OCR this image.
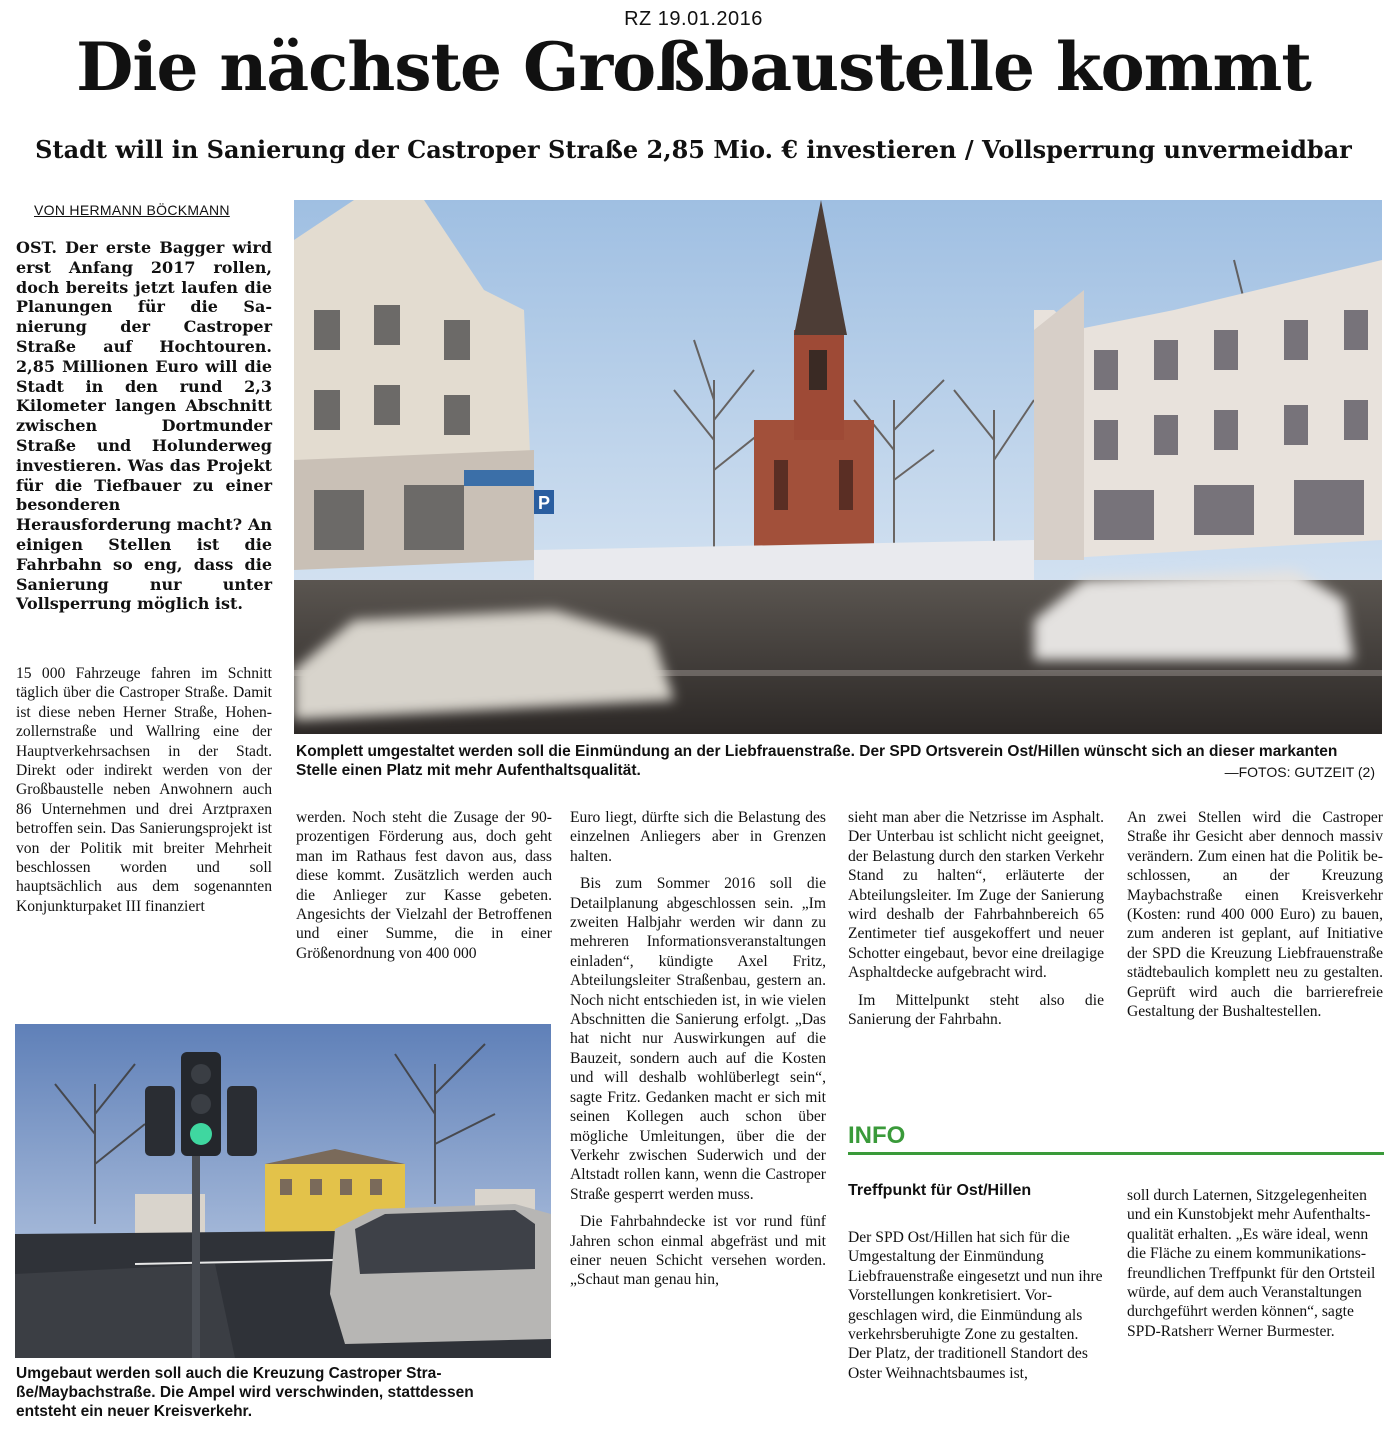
RZ 19.01.2016
Die nächste Großbaustelle kommt
Stadt will in Sanierung der Castroper Straße 2,85 Mio. € investieren / Vollsperrung unvermeidbar
VON HERMANN BÖCKMANN
OST. Der erste Bagger wird erst Anfang 2017 rollen, doch bereits jetzt laufen die Planungen für die Sanierung der Castroper Straße auf Hochtouren. 2,85 Millionen Euro will die Stadt in den rund 2,3 Kilometer langen Abschnitt zwischen Dortmunder Straße und Holunderweg investieren. Was das Projekt für die Tiefbauer zu einer besonderen Herausforderung macht? An einigen Stellen ist die Fahrbahn so eng, dass die Sanierung nur unter Vollsperrung möglich ist.

15 000 Fahrzeuge fahren im Schnitt täglich über die Castroper Straße. Damit ist diese neben Herner Straße, Hohenzollernstraße und Wallring eine der Hauptverkehrsachsen in der Stadt. Direkt oder indirekt werden von der Großbaustelle neben Anwohnern auch 86 Unternehmen und drei Arztpraxen betroffen sein. Das Sanierungsprojekt ist von der Politik mit breiter Mehrheit beschlossen worden und soll hauptsächlich aus dem sogenannten Konjunkturpaket III finanziert

P
Komplett umgestaltet werden soll die Einmündung an der Liebfrauenstraße. Der SPD Ortsverein Ost/Hillen wünscht sich an dieser markanten Stelle einen Platz mit mehr Aufenthaltsqualität.	—FOTOS: GUTZEIT (2)

werden. Noch steht die Zusage der 90-prozentigen Förderung aus, doch geht man im Rathaus fest davon aus, dass diese kommt. Zusätzlich werden auch die Anlieger zur Kasse gebeten. Angesichts der Vielzahl der Betroffenen und einer Summe, die in einer Größenordnung von 400 000

Euro liegt, dürfte sich die Belastung des einzelnen Anliegers aber in Grenzen halten.

Bis zum Sommer 2016 soll die Detailplanung abgeschlossen sein. „Im zweiten Halbjahr werden wir dann zu mehreren Informationsveranstaltungen einladen“, kündigte Axel Fritz, Abteilungsleiter Straßenbau, gestern an. Noch nicht entschieden ist, in wie vielen Abschnitten die Sanierung erfolgt. „Das hat nicht nur Auswirkungen auf die Bauzeit, sondern auch auf die Kosten und will deshalb wohlüberlegt sein“, sagte Fritz. Gedanken macht er sich mit seinen Kollegen auch schon über mögliche Umleitungen, über die der Verkehr zwischen Suderwich und der Altstadt rollen kann, wenn die Castroper Straße gesperrt werden muss.

Die Fahrbahndecke ist vor rund fünf Jahren schon einmal abgefräst und mit einer neuen Schicht versehen worden. „Schaut man genau hin,

sieht man aber die Netzrisse im Asphalt. Der Unterbau ist schlicht nicht geeignet, der Belastung durch den starken Verkehr Stand zu halten“, erläuterte der Abteilungsleiter. Im Zuge der Sanierung wird deshalb der Fahrbahnbereich 65 Zentimeter tief ausgekoffert und neuer Schotter eingebaut, bevor eine dreilagige Asphaltdecke aufgebracht wird.

Im Mittelpunkt steht also die Sanierung der Fahrbahn.

An zwei Stellen wird die Castroper Straße ihr Gesicht aber dennoch massiv verändern. Zum einen hat die Politik beschlossen, an der Kreuzung Maybachstraße einen Kreisverkehr (Kosten: rund 400 000 Euro) zu bauen, zum anderen ist geplant, auf Initiative der SPD die Kreuzung Liebfrauenstraße städtebaulich komplett neu zu gestalten. Geprüft wird auch die barrierefreie Gestaltung der Bushaltestellen.

Umgebaut werden soll auch die Kreuzung Castroper Straße/Maybachstraße. Die Ampel wird verschwinden, stattdessen entsteht ein neuer Kreisverkehr.
INFO
Treffpunkt für Ost/Hillen
Der SPD Ost/Hillen hat sich für die Umgestaltung der Einmündung Liebfrauenstraße eingesetzt und nun ihre Vorstellungen konkretisiert. Vorgeschlagen wird, die Einmündung als verkehrsberuhigte Zone zu gestalten. Der Platz, der traditionell Standort des Oster Weihnachtsbaumes ist,
soll durch Laternen, Sitzgelegenheiten und ein Kunstobjekt mehr Aufenthaltsqualität erhalten. „Es wäre ideal, wenn die Fläche zu einem kommunikationsfreundlichen Treffpunkt für den Ortsteil würde, auf dem auch Veranstaltungen durchgeführt werden können“, sagte SPD-Ratsherr Werner Burmester.
